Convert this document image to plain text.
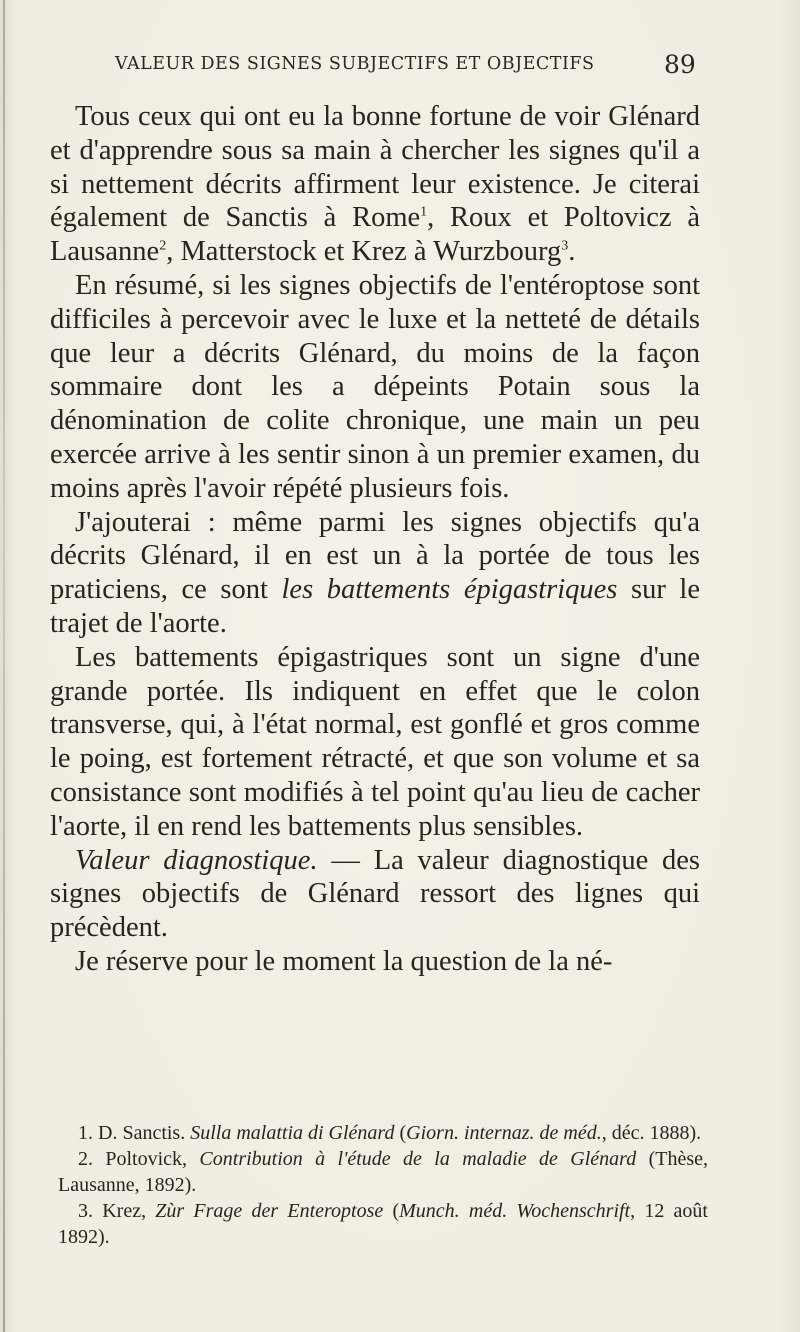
VALEUR DES SIGNES SUBJECTIFS ET OBJECTIFS	89

Tous ceux qui ont eu la bonne fortune de voir Glénard et d'apprendre sous sa main à chercher les signes qu'il a si nettement décrits affirment leur existence. Je citerai également de Sanctis à Rome$^1$, Roux et Poltovicz à Lausanne$^2$, Matterstock et Krez à Wurzbourg$^3$.

En résumé, si les signes objectifs de l'entéroptose sont difficiles à percevoir avec le luxe et la netteté de détails que leur a décrits Glénard, du moins de la façon sommaire dont les a dépeints Potain sous la dénomination de colite chronique, une main un peu exercée arrive à les sentir sinon à un premier examen, du moins après l'avoir répété plusieurs fois.

J'ajouterai : même parmi les signes objectifs qu'a décrits Glénard, il en est un à la portée de tous les praticiens, ce sont les battements épigastriques sur le trajet de l'aorte.

Les battements épigastriques sont un signe d'une grande portée. Ils indiquent en effet que le colon transverse, qui, à l'état normal, est gonflé et gros comme le poing, est fortement rétracté, et que son volume et sa consistance sont modifiés à tel point qu'au lieu de cacher l'aorte, il en rend les battements plus sensibles.

Valeur diagnostique. — La valeur diagnostique des signes objectifs de Glénard ressort des lignes qui précèdent.

Je réserve pour le moment la question de la né-

1. D. Sanctis. Sulla malattia di Glénard (Giorn. internaz. de méd., déc. 1888).

2. Poltovick, Contribution à l'étude de la maladie de Glénard (Thèse, Lausanne, 1892).

3. Krez, Zùr Frage der Enteroptose (Munch. méd. Wochenschrift, 12 août 1892).
